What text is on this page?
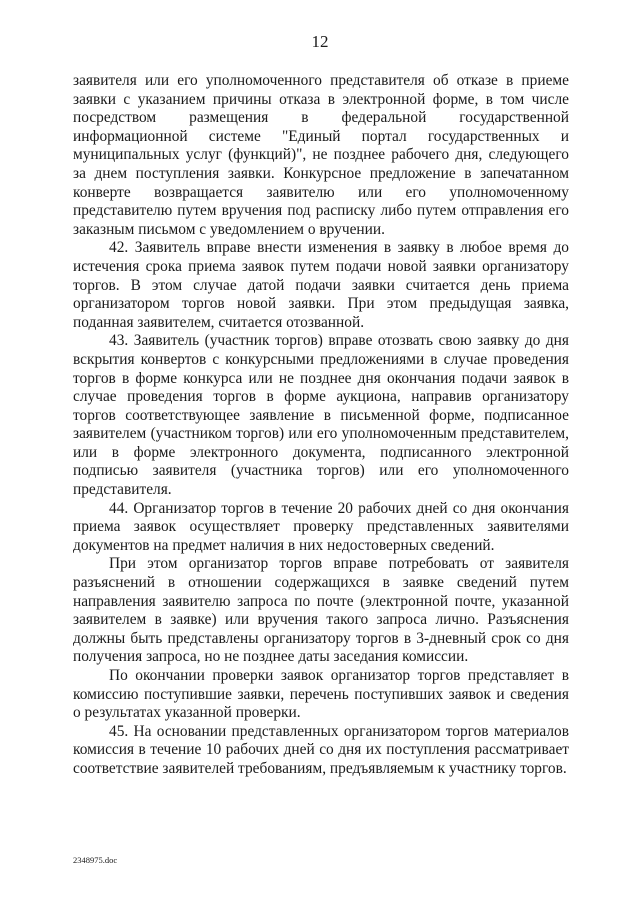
12

заявителя или его уполномоченного представителя об отказе в приеме заявки с указанием причины отказа в электронной форме, в том числе посредством размещения в федеральной государственной информационной системе "Единый портал государственных и муниципальных услуг (функций)", не позднее рабочего дня, следующего за днем поступления заявки. Конкурсное предложение в запечатанном конверте возвращается заявителю или его уполномоченному представителю путем вручения под расписку либо путем отправления его заказным письмом с уведомлением о вручении.

42. Заявитель вправе внести изменения в заявку в любое время до истечения срока приема заявок путем подачи новой заявки организатору торгов. В этом случае датой подачи заявки считается день приема организатором торгов новой заявки. При этом предыдущая заявка, поданная заявителем, считается отозванной.

43. Заявитель (участник торгов) вправе отозвать свою заявку до дня вскрытия конвертов с конкурсными предложениями в случае проведения торгов в форме конкурса или не позднее дня окончания подачи заявок в случае проведения торгов в форме аукциона, направив организатору торгов соответствующее заявление в письменной форме, подписанное заявителем (участником торгов) или его уполномоченным представителем, или в форме электронного документа, подписанного электронной подписью заявителя (участника торгов) или его уполномоченного представителя.

44. Организатор торгов в течение 20 рабочих дней со дня окончания приема заявок осуществляет проверку представленных заявителями документов на предмет наличия в них недостоверных сведений.

При этом организатор торгов вправе потребовать от заявителя разъяснений в отношении содержащихся в заявке сведений путем направления заявителю запроса по почте (электронной почте, указанной заявителем в заявке) или вручения такого запроса лично. Разъяснения должны быть представлены организатору торгов в 3-дневный срок со дня получения запроса, но не позднее даты заседания комиссии.

По окончании проверки заявок организатор торгов представляет в комиссию поступившие заявки, перечень поступивших заявок и сведения о результатах указанной проверки.

45. На основании представленных организатором торгов материалов комиссия в течение 10 рабочих дней со дня их поступления рассматривает соответствие заявителей требованиям, предъявляемым к участнику торгов.

2348975.doc
